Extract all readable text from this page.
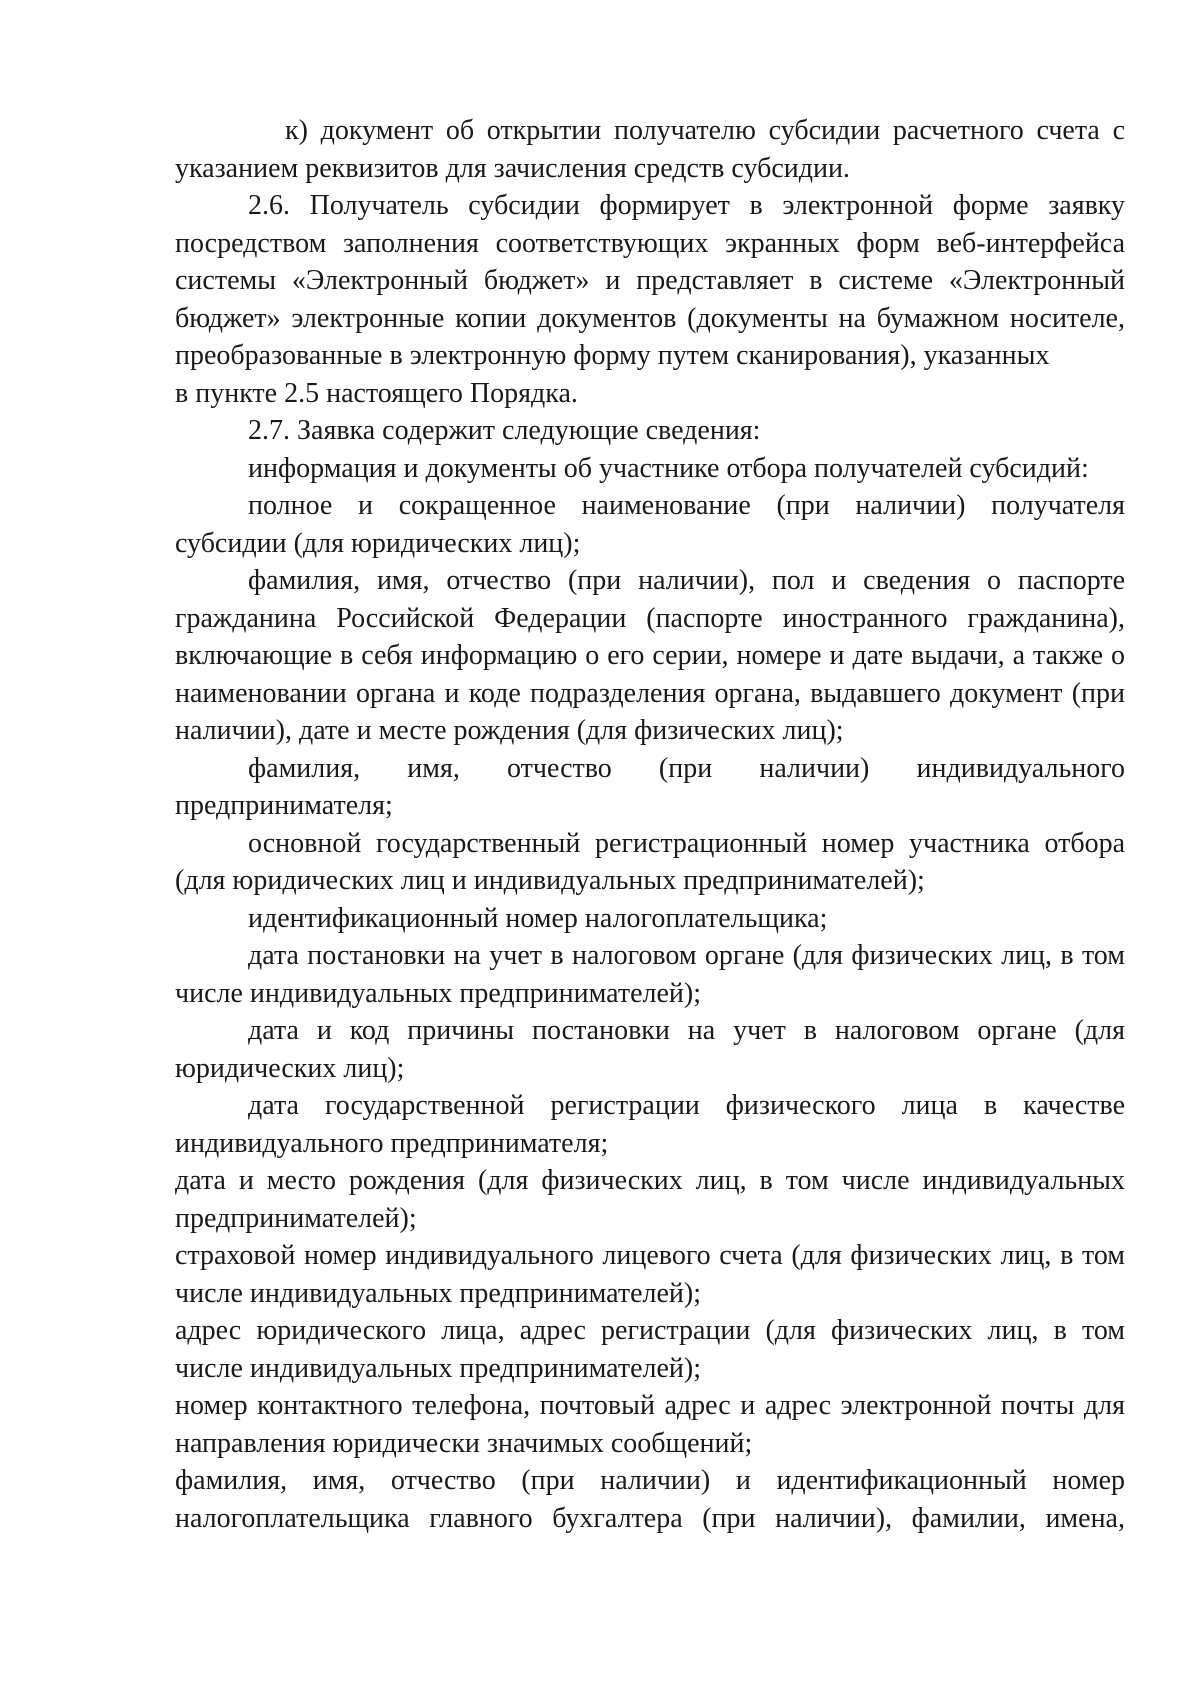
к) документ об открытии получателю субсидии расчетного счета с указанием реквизитов для зачисления средств субсидии.

2.6. Получатель субсидии формирует в электронной форме заявку посредством заполнения соответствующих экранных форм веб-интерфейса системы «Электронный бюджет» и представляет в системе «Электронный бюджет» электронные копии документов (документы на бумажном носителе, преобразованные в электронную форму путем сканирования), указанных

в пункте 2.5 настоящего Порядка.

2.7. Заявка содержит следующие сведения:

информация и документы об участнике отбора получателей субсидий:

полное и сокращенное наименование (при наличии) получателя субсидии (для юридических лиц);

фамилия, имя, отчество (при наличии), пол и сведения о паспорте гражданина Российской Федерации (паспорте иностранного гражданина), включающие в себя информацию о его серии, номере и дате выдачи, а также о наименовании органа и коде подразделения органа, выдавшего документ (при наличии), дате и месте рождения (для физических лиц);

фамилия, имя, отчество (при наличии) индивидуального предпринимателя;

основной государственный регистрационный номер участника отбора (для юридических лиц и индивидуальных предпринимателей);

идентификационный номер налогоплательщика;

дата постановки на учет в налоговом органе (для физических лиц, в том числе индивидуальных предпринимателей);

дата и код причины постановки на учет в налоговом органе (для юридических лиц);

дата государственной регистрации физического лица в качестве индивидуального предпринимателя;

дата и место рождения (для физических лиц, в том числе индивидуальных предпринимателей);

страховой номер индивидуального лицевого счета (для физических лиц, в том числе индивидуальных предпринимателей);

адрес юридического лица, адрес регистрации (для физических лиц, в том числе индивидуальных предпринимателей);

номер контактного телефона, почтовый адрес и адрес электронной почты для направления юридически значимых сообщений;

фамилия, имя, отчество (при наличии) и идентификационный номер налогоплательщика главного бухгалтера (при наличии), фамилии, имена,
